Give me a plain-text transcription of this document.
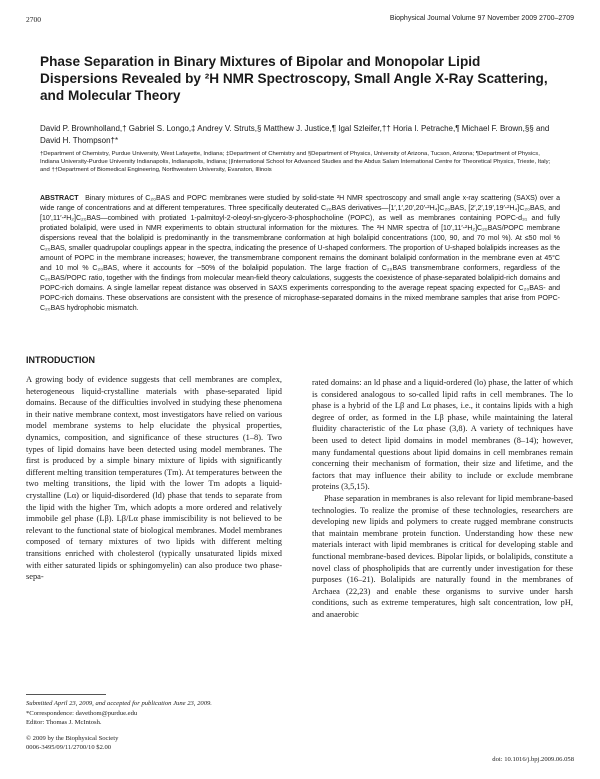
2700	Biophysical Journal Volume 97 November 2009 2700–2709
Phase Separation in Binary Mixtures of Bipolar and Monopolar Lipid Dispersions Revealed by ²H NMR Spectroscopy, Small Angle X-Ray Scattering, and Molecular Theory
David P. Brownholland,† Gabriel S. Longo,‡ Andrey V. Struts,§ Matthew J. Justice,¶ Igal Szleifer,†† Horia I. Petrache,¶ Michael F. Brown,§§ and David H. Thompson†*
†Department of Chemistry, Purdue University, West Lafayette, Indiana; ‡Department of Chemistry and §Department of Physics, University of Arizona, Tucson, Arizona; ¶Department of Physics, Indiana University-Purdue University Indianapolis, Indianapolis, Indiana; ||International School for Advanced Studies and the Abdus Salam International Centre for Theoretical Physics, Trieste, Italy; and ††Department of Biomedical Engineering, Northwestern University, Evanston, Illinois
ABSTRACT Binary mixtures of C₂₀BAS and POPC membranes were studied by solid-state ²H NMR spectroscopy and small angle x-ray scattering (SAXS) over a wide range of concentrations and at different temperatures. Three specifically deuterated C₂₀BAS derivatives—[1′,1′,20′,20′-²H₄]C₂₀BAS, [2′,2′,19′,19′-²H₄]C₂₀BAS, and [10′,11′-²H₂]C₂₀BAS—combined with protiated 1-palmitoyl-2-oleoyl-sn-glycero-3-phosphocholine (POPC), as well as membranes containing POPC-d₃₁ and fully protiated bolalipid, were used in NMR experiments to obtain structural information for the mixtures. The ²H NMR spectra of [10′,11′-²H₂]C₂₀BAS/POPC membrane dispersions reveal that the bolalipid is predominantly in the transmembrane conformation at high bolalipid concentrations (100, 90, and 70 mol %). At ≤50 mol % C₂₀BAS, smaller quadrupolar couplings appear in the spectra, indicating the presence of U-shaped conformers. The proportion of U-shaped bolalipids increases as the amount of POPC in the membrane increases; however, the transmembrane component remains the dominant bolalipid conformation in the membrane even at 45°C and 10 mol % C₂₀BAS, where it accounts for ~50% of the bolalipid population. The large fraction of C₂₀BAS transmembrane conformers, regardless of the C₂₀BAS/POPC ratio, together with the findings from molecular mean-field theory calculations, suggests the coexistence of phase-separated bolalipid-rich domains and POPC-rich domains. A single lamellar repeat distance was observed in SAXS experiments corresponding to the average repeat spacing expected for C₂₀BAS- and POPC-rich domains. These observations are consistent with the presence of microphase-separated domains in the mixed membrane samples that arise from POPC-C₂₀BAS hydrophobic mismatch.
INTRODUCTION

A growing body of evidence suggests that cell membranes are complex, heterogeneous liquid-crystalline materials with phase-separated lipid domains. Because of the difficulties involved in studying these phenomena in their native membrane context, most investigators have relied on various model membrane systems to help elucidate the physical properties, dynamics, composition, and significance of these structures (1–8). Two types of lipid domains have been detected using model membranes. The first is produced by a simple binary mixture of lipids with significantly different melting transition temperatures (Tm). At temperatures between the two melting transitions, the lipid with the lower Tm adopts a liquid-crystalline (Lα) or liquid-disordered (ld) phase that tends to separate from the lipid with the higher Tm, which adopts a more ordered and relatively immobile gel phase (Lβ). Lβ/Lα phase immiscibility is not believed to be relevant to the functional state of biological membranes. Model membranes composed of ternary mixtures of two lipids with different melting transitions enriched with cholesterol (typically unsaturated lipids mixed with either saturated lipids or sphingomyelin) can also produce two phase-sepa-

rated domains: an ld phase and a liquid-ordered (lo) phase, the latter of which is considered analogous to so-called lipid rafts in cell membranes. The lo phase is a hybrid of the Lβ and Lα phases, i.e., it contains lipids with a high degree of order, as formed in the Lβ phase, while maintaining the lateral fluidity characteristic of the Lα phase (3,8). A variety of techniques have been used to detect lipid domains in model membranes (8–14); however, many fundamental questions about lipid domains in cell membranes remain concerning their mechanism of formation, their size and lifetime, and the factors that may influence their ability to include or exclude membrane proteins (3,5,15).

Phase separation in membranes is also relevant for lipid membrane-based technologies. To realize the promise of these technologies, researchers are developing new lipids and polymers to create rugged membrane constructs that maintain membrane protein function. Understanding how these new materials interact with lipid membranes is critical for developing stable and functional membrane-based devices. Bipolar lipids, or bolalipids, constitute a novel class of phospholipids that are currently under investigation for these purposes (16–21). Bolalipids are naturally found in the membranes of Archaea (22,23) and enable these organisms to survive under harsh conditions, such as extreme temperatures, high salt concentration, low pH, and anaerobic

Submitted April 23, 2009, and accepted for publication June 23, 2009.
*Correspondence: davethom@purdue.edu
Editor: Thomas J. McIntosh.
© 2009 by the Biophysical Society
0006-3495/09/11/2700/10 $2.00
doi: 10.1016/j.bpj.2009.06.058
